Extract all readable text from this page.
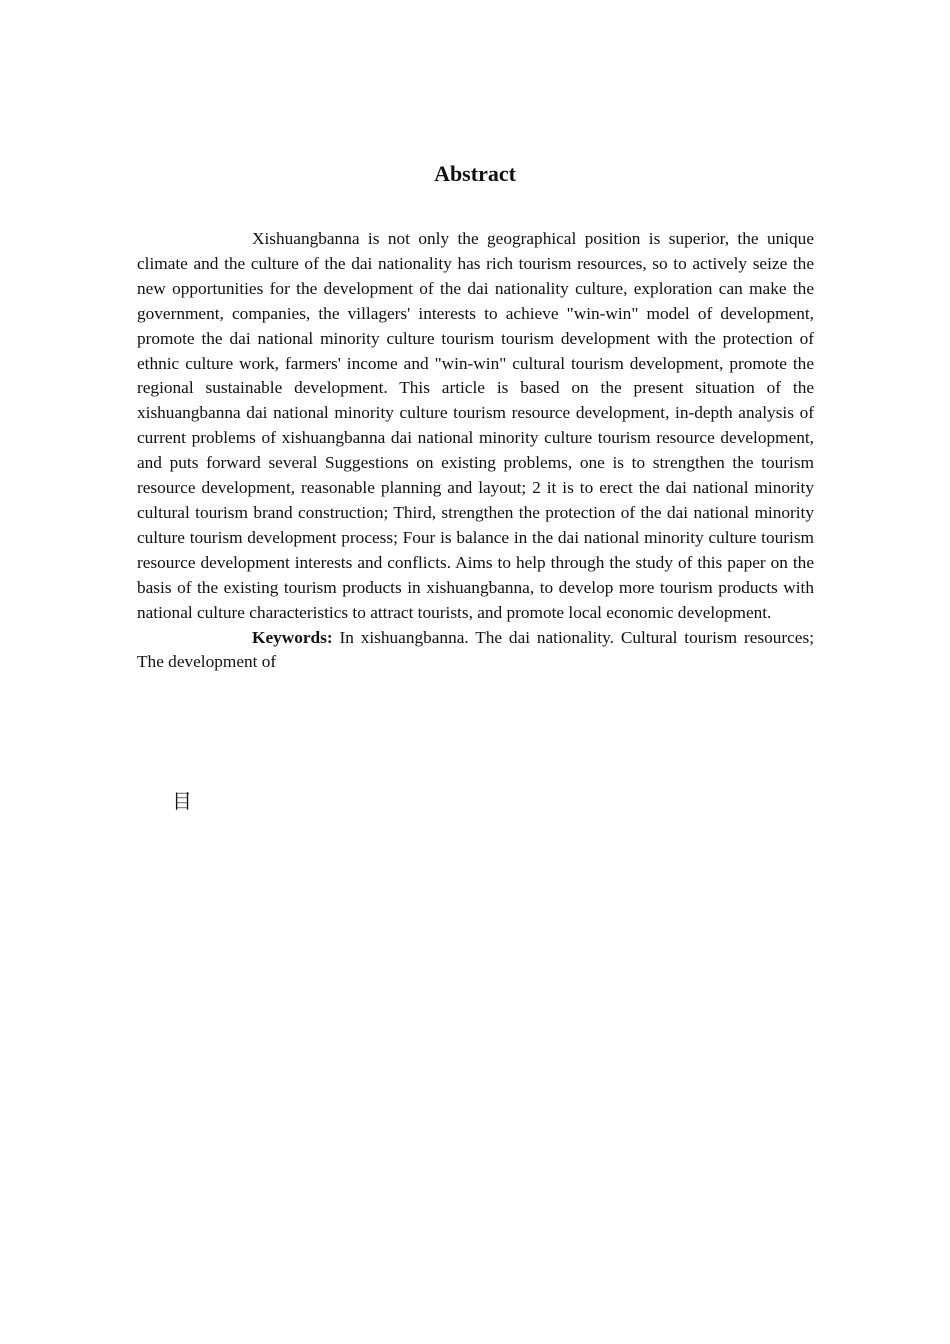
Abstract

Xishuangbanna is not only the geographical position is superior, the unique climate and the culture of the dai nationality has rich tourism resources, so to actively seize the new opportunities for the development of the dai nationality culture, exploration can make the government, companies, the villagers' interests to achieve "win-win" model of development, promote the dai national minority culture tourism tourism development with the protection of ethnic culture work, farmers' income and "win-win" cultural tourism development, promote the regional sustainable development. This article is based on the present situation of the xishuangbanna dai national minority culture tourism resource development, in-depth analysis of current problems of xishuangbanna dai national minority culture tourism resource development, and puts forward several Suggestions on existing problems, one is to strengthen the tourism resource development, reasonable planning and layout; 2 it is to erect the dai national minority cultural tourism brand construction; Third, strengthen the protection of the dai national minority culture tourism development process; Four is balance in the dai national minority culture tourism resource development interests and conflicts. Aims to help through the study of this paper on the basis of the existing tourism products in xishuangbanna, to develop more tourism products with national culture characteristics to attract tourists, and promote local economic development.

Keywords: In xishuangbanna. The dai nationality. Cultural tourism resources; The development of

目
